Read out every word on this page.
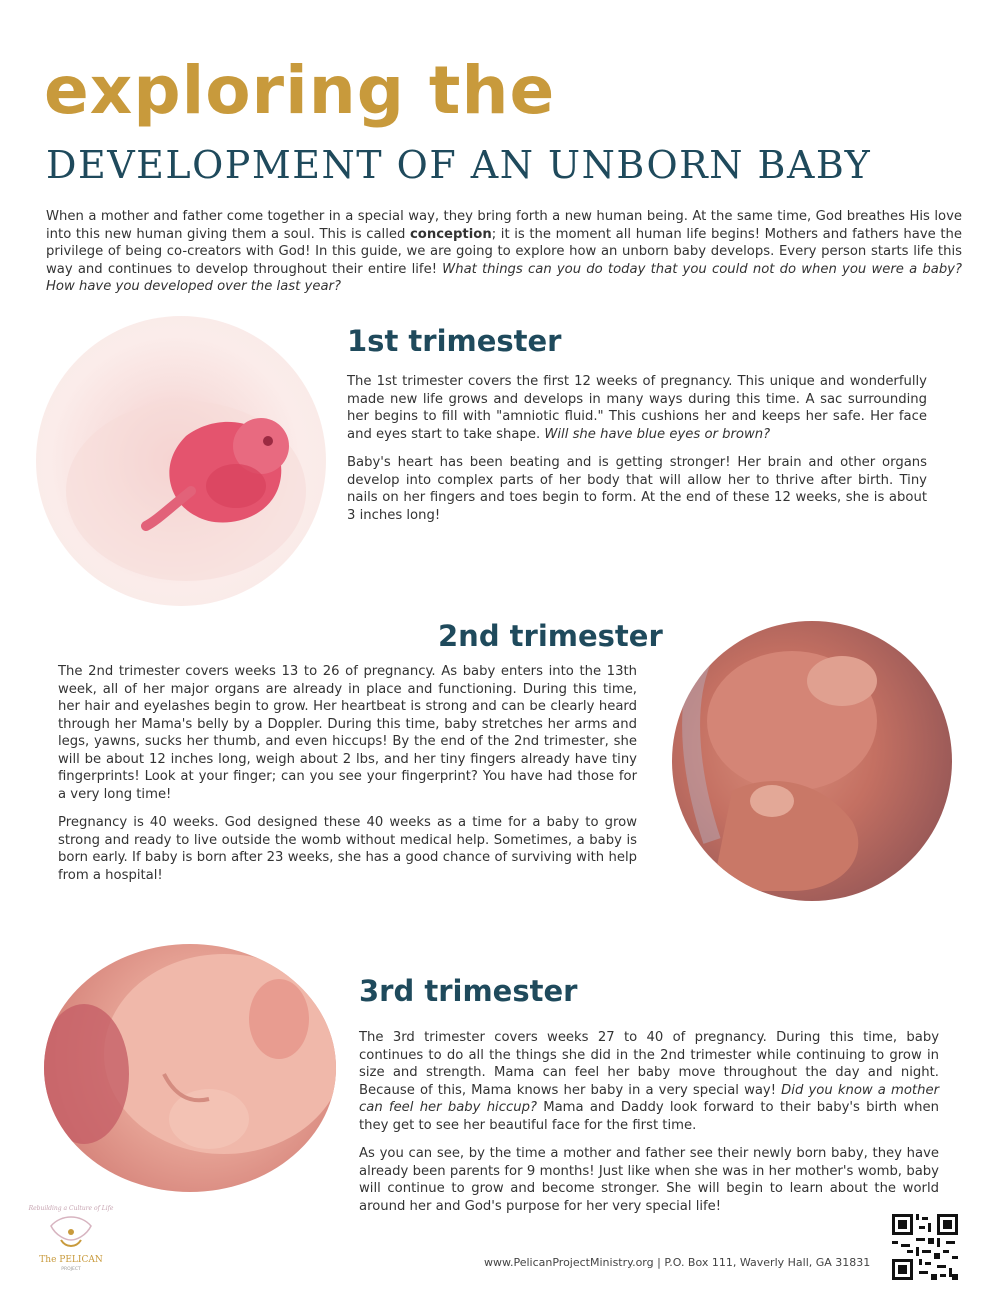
exploring the
DEVELOPMENT OF AN UNBORN BABY
When a mother and father come together in a special way, they bring forth a new human being. At the same time, God breathes His love into this new human giving them a soul. This is called conception; it is the moment all human life begins! Mothers and fathers have the privilege of being co-creators with God! In this guide, we are going to explore how an unborn baby develops. Every person starts life this way and continues to develop throughout their entire life! What things can you do today that you could not do when you were a baby? How have you developed over the last year?
1st trimester

The 1st trimester covers the first 12 weeks of pregnancy. This unique and wonderfully made new life grows and develops in many ways during this time. A sac surrounding her begins to fill with "amniotic fluid." This cushions her and keeps her safe. Her face and eyes start to take shape. Will she have blue eyes or brown?

Baby's heart has been beating and is getting stronger! Her brain and other organs develop into complex parts of her body that will allow her to thrive after birth. Tiny nails on her fingers and toes begin to form. At the end of these 12 weeks, she is about 3 inches long!

2nd trimester

The 2nd trimester covers weeks 13 to 26 of pregnancy. As baby enters into the 13th week, all of her major organs are already in place and functioning. During this time, her hair and eyelashes begin to grow. Her heartbeat is strong and can be clearly heard through her Mama's belly by a Doppler. During this time, baby stretches her arms and legs, yawns, sucks her thumb, and even hiccups! By the end of the 2nd trimester, she will be about 12 inches long, weigh about 2 lbs, and her tiny fingers already have tiny fingerprints! Look at your finger; can you see your fingerprint? You have had those for a very long time!

Pregnancy is 40 weeks. God designed these 40 weeks as a time for a baby to grow strong and ready to live outside the womb without medical help. Sometimes, a baby is born early. If baby is born after 23 weeks, she has a good chance of surviving with help from a hospital!

3rd trimester

The 3rd trimester covers weeks 27 to 40 of pregnancy. During this time, baby continues to do all the things she did in the 2nd trimester while continuing to grow in size and strength. Mama can feel her baby move throughout the day and night. Because of this, Mama knows her baby in a very special way! Did you know a mother can feel her baby hiccup? Mama and Daddy look forward to their baby's birth when they get to see her beautiful face for the first time.

As you can see, by the time a mother and father see their newly born baby, they have already been parents for 9 months! Just like when she was in her mother's womb, baby will continue to grow and become stronger. She will begin to learn about the world around her and God's purpose for her very special life!

Rebuilding a Culture of Life
The PELICAN
PROJECT
www.PelicanProjectMinistry.org | P.O. Box 111, Waverly Hall, GA 31831
